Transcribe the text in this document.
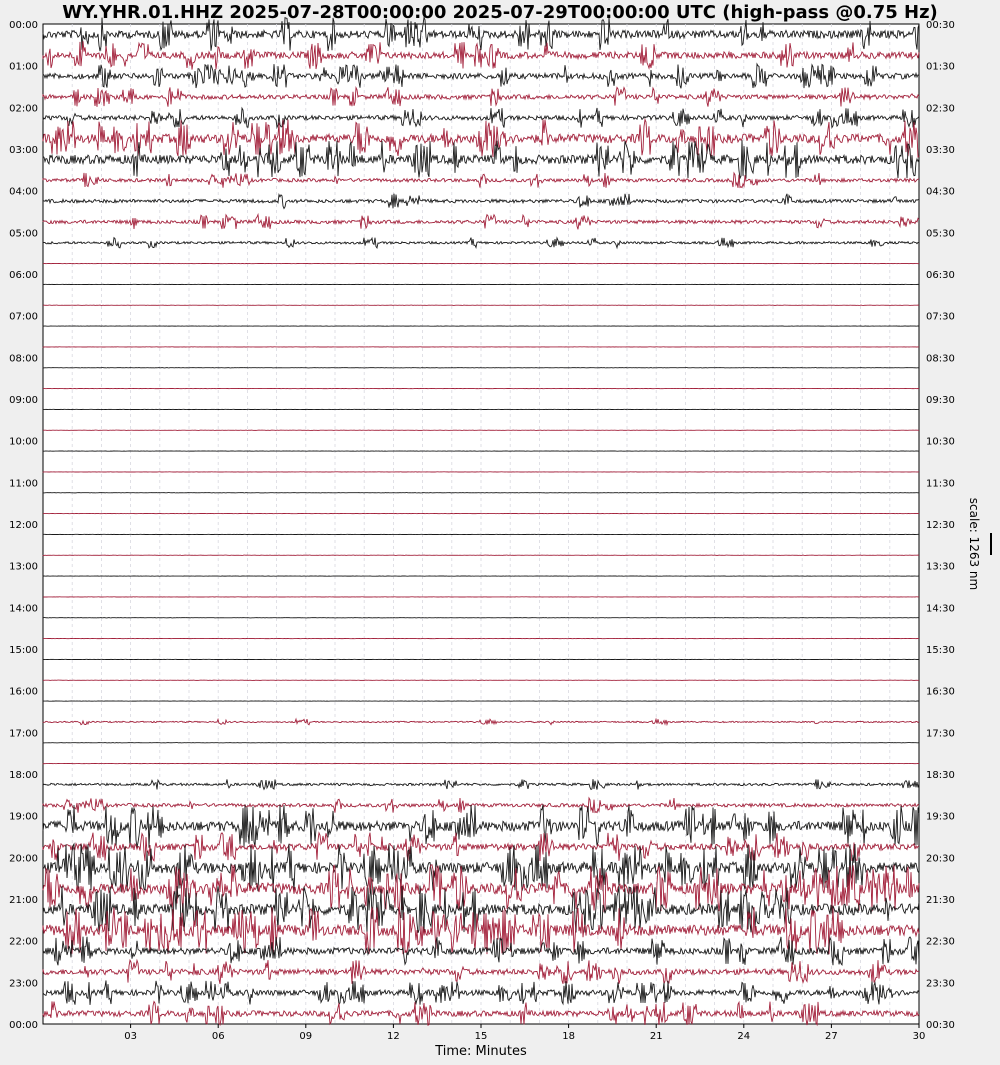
00:00
01:00
02:00
03:00
04:00
05:00
06:00
07:00
08:00
09:00
10:00
11:00
12:00
13:00
14:00
15:00
16:00
17:00
18:00
19:00
20:00
21:00
22:00
23:00
00:00
00:30
01:30
02:30
03:30
04:30
05:30
06:30
07:30
08:30
09:30
10:30
11:30
12:30
13:30
14:30
15:30
16:30
17:30
18:30
19:30
20:30
21:30
22:30
23:30
00:30
03	06	09	12	15	18	21	24	27	30
WY.YHR.01.HHZ 2025-07-28T00:00:00 2025-07-29T00:00:00 UTC (high-pass @0.75 Hz)
Time: Minutes
scale: 1263 nm
